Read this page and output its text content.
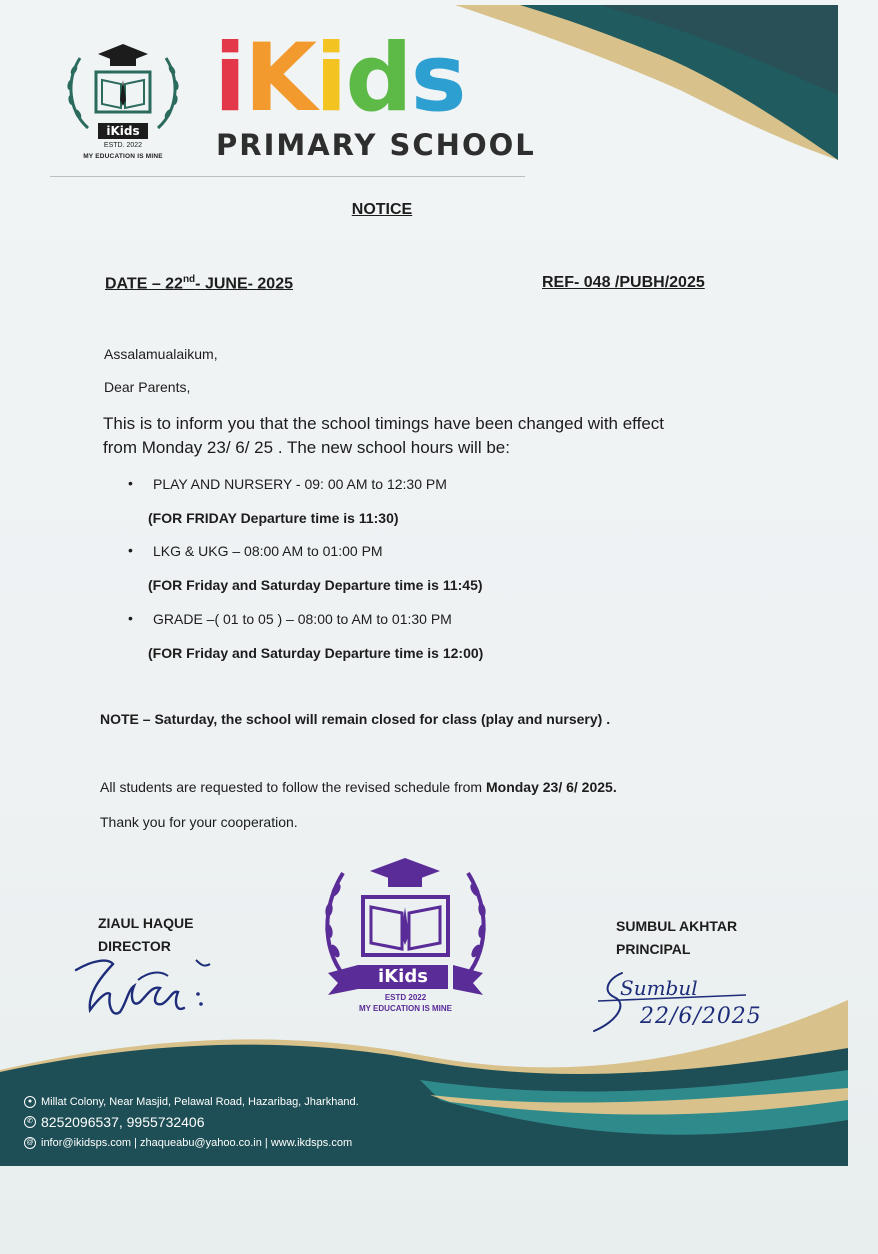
iKids
ESTD. 2022
MY EDUCATION IS MINE
iKids
PRIMARY SCHOOL
NOTICE
DATE – 22nd- JUNE- 2025	REF- 048 /PUBH/2025
Assalamualaikum,
Dear Parents,
This is to inform you that the school timings have been changed with effect
from Monday 23/ 6/ 25 . The new school hours will be:
• PLAY AND NURSERY - 09: 00 AM to 12:30 PM
(FOR FRIDAY Departure time is 11:30)
• LKG & UKG – 08:00 AM to 01:00 PM
(FOR Friday and Saturday Departure time is 11:45)
• GRADE –( 01 to 05 ) – 08:00 to AM to 01:30 PM
(FOR Friday and Saturday Departure time is 12:00)
NOTE – Saturday, the school will remain closed for class (play and nursery) .
All students are requested to follow the revised schedule from Monday 23/ 6/ 2025.
Thank you for your cooperation.
ZIAUL HAQUE
DIRECTOR
SUMBUL AKHTAR
PRINCIPAL
Sumbul
22/6/2025
iKids
ESTD 2022
MY EDUCATION IS MINE
● Millat Colony, Near Masjid, Pelawal Road, Hazaribag, Jharkhand.
✆ 8252096537, 9955732406
@ infor@ikidsps.com | zhaqueabu@yahoo.co.in | www.ikdsps.com
